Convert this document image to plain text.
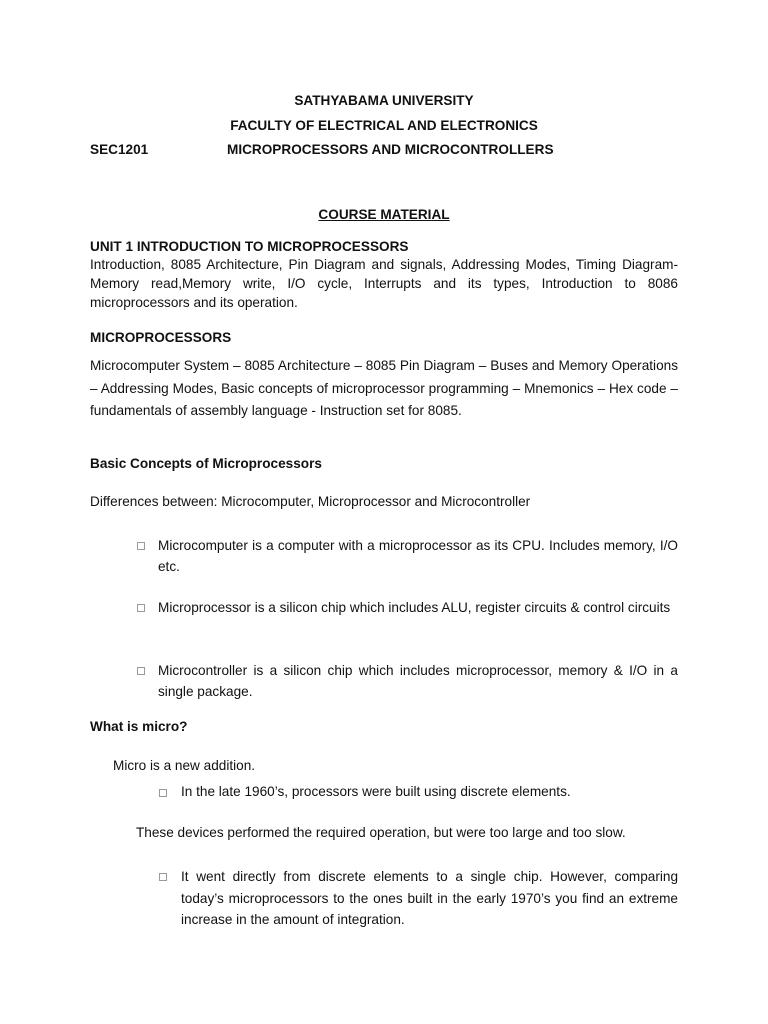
SATHYABAMA UNIVERSITY
FACULTY OF ELECTRICAL AND ELECTRONICS
SEC1201	MICROPROCESSORS AND MICROCONTROLLERS
COURSE MATERIAL
UNIT 1 INTRODUCTION TO MICROPROCESSORS
Introduction, 8085 Architecture, Pin Diagram and signals, Addressing Modes, Timing Diagram-Memory read,Memory write, I/O cycle, Interrupts and its types, Introduction to 8086 microprocessors and its operation.
MICROPROCESSORS
Microcomputer System – 8085 Architecture – 8085 Pin Diagram – Buses and Memory Operations – Addressing Modes, Basic concepts of microprocessor programming – Mnemonics – Hex code – fundamentals of assembly language - Instruction set for 8085.
Basic Concepts of Microprocessors
Differences between: Microcomputer, Microprocessor and Microcontroller
Microcomputer is a computer with a microprocessor as its CPU. Includes memory, I/O etc.
Microprocessor is a silicon chip which includes ALU, register circuits & control circuits
Microcontroller is a silicon chip which includes microprocessor, memory & I/O in a single package.
What is micro?
Micro is a new addition.
In the late 1960’s, processors were built using discrete elements.
These devices performed the required operation, but were too large and too slow.
It went directly from discrete elements to a single chip. However, comparing today’s microprocessors to the ones built in the early 1970’s you find an extreme increase in the amount of integration.
